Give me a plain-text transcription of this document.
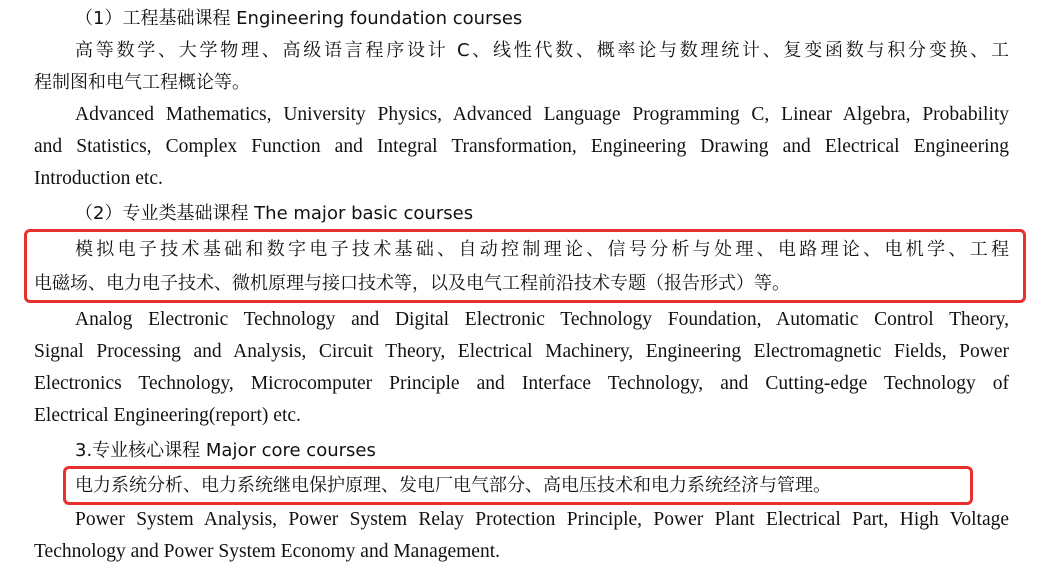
（1）工程基础课程 Engineering foundation courses

高等数学、大学物理、高级语言程序设计 C、线性代数、概率论与数理统计、复变函数与积分变换、工

程制图和电气工程概论等。

Advanced Mathematics, University Physics, Advanced Language Programming C, Linear Algebra, Probability

and Statistics, Complex Function and Integral Transformation, Engineering Drawing and Electrical Engineering

Introduction etc.

（2）专业类基础课程 The major basic courses

模拟电子技术基础和数字电子技术基础、自动控制理论、信号分析与处理、电路理论、电机学、工程

电磁场、电力电子技术、微机原理与接口技术等，以及电气工程前沿技术专题（报告形式）等。

Analog Electronic Technology and Digital Electronic Technology Foundation, Automatic Control Theory,

Signal Processing and Analysis, Circuit Theory, Electrical Machinery, Engineering Electromagnetic Fields, Power

Electronics Technology, Microcomputer Principle and Interface Technology, and Cutting-edge Technology of

Electrical Engineering(report) etc.

3.专业核心课程 Major core courses

电力系统分析、电力系统继电保护原理、发电厂电气部分、高电压技术和电力系统经济与管理。

Power System Analysis, Power System Relay Protection Principle, Power Plant Electrical Part, High Voltage

Technology and Power System Economy and Management.
